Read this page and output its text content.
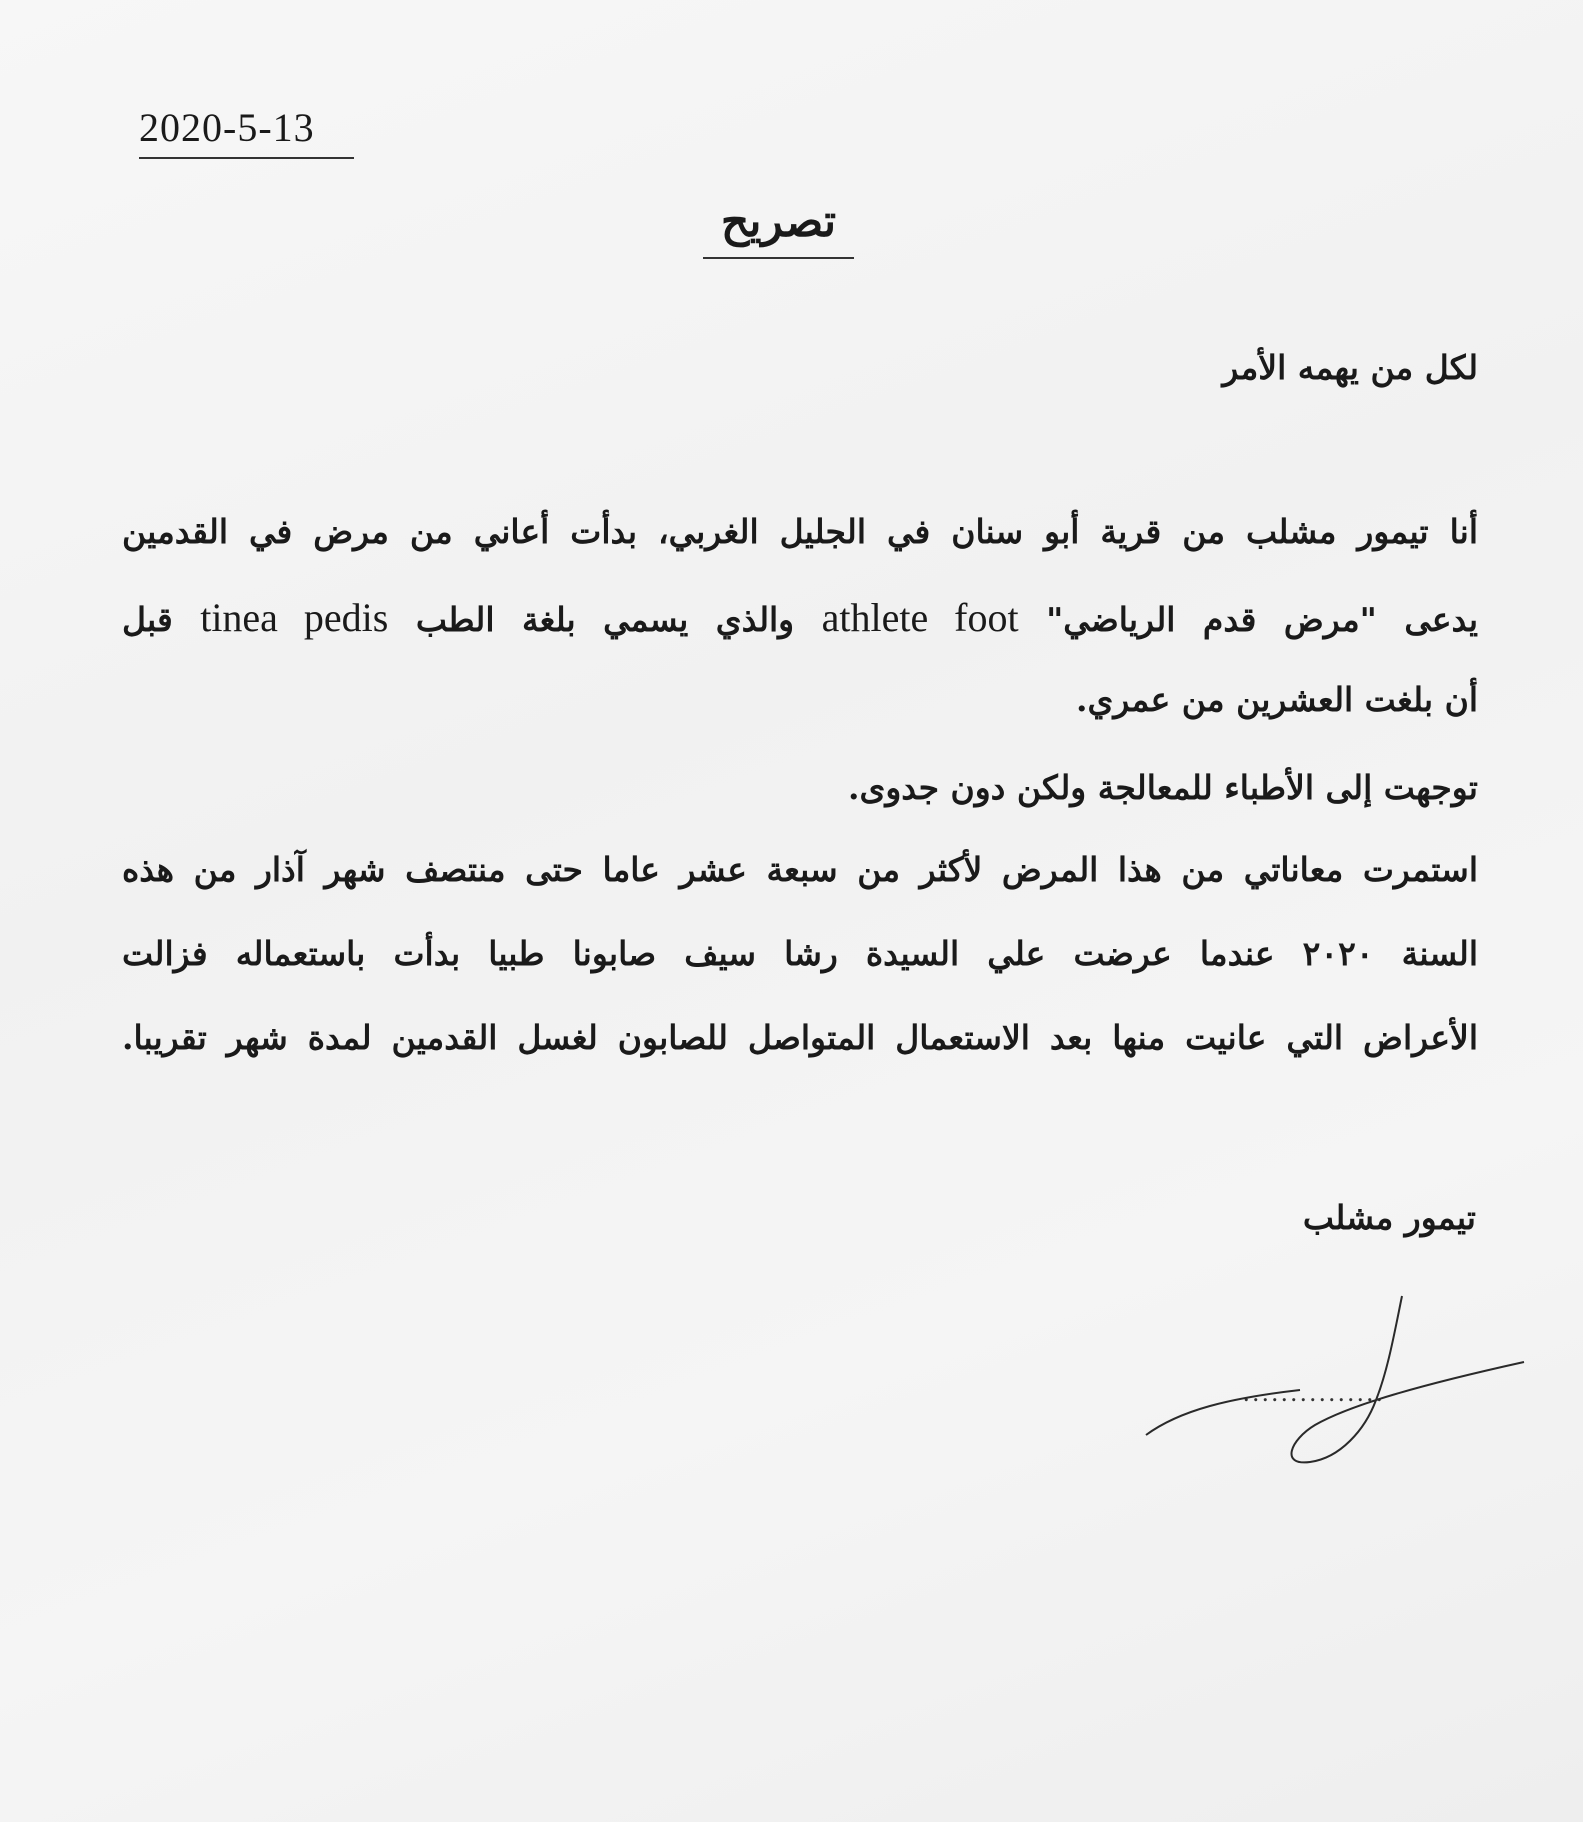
2020-5-13
تصريح
لكل من يهمه الأمر
أنا تيمور مشلب من قرية أبو سنان في الجليل الغربي، بدأت أعاني من مرض في القدمين
يدعى "مرض قدم الرياضي" athlete foot والذي يسمي بلغة الطب tinea pedis قبل
أن بلغت العشرين من عمري.
توجهت إلى الأطباء للمعالجة ولكن دون جدوى.
استمرت معاناتي من هذا المرض لأكثر من سبعة عشر عاما حتى منتصف شهر آذار من هذه
السنة ٢٠٢٠ عندما عرضت علي السيدة رشا سيف صابونا طبيا بدأت باستعماله فزالت
الأعراض التي عانيت منها بعد الاستعمال المتواصل للصابون لغسل القدمين لمدة شهر تقريبا.
تيمور مشلب
...............
